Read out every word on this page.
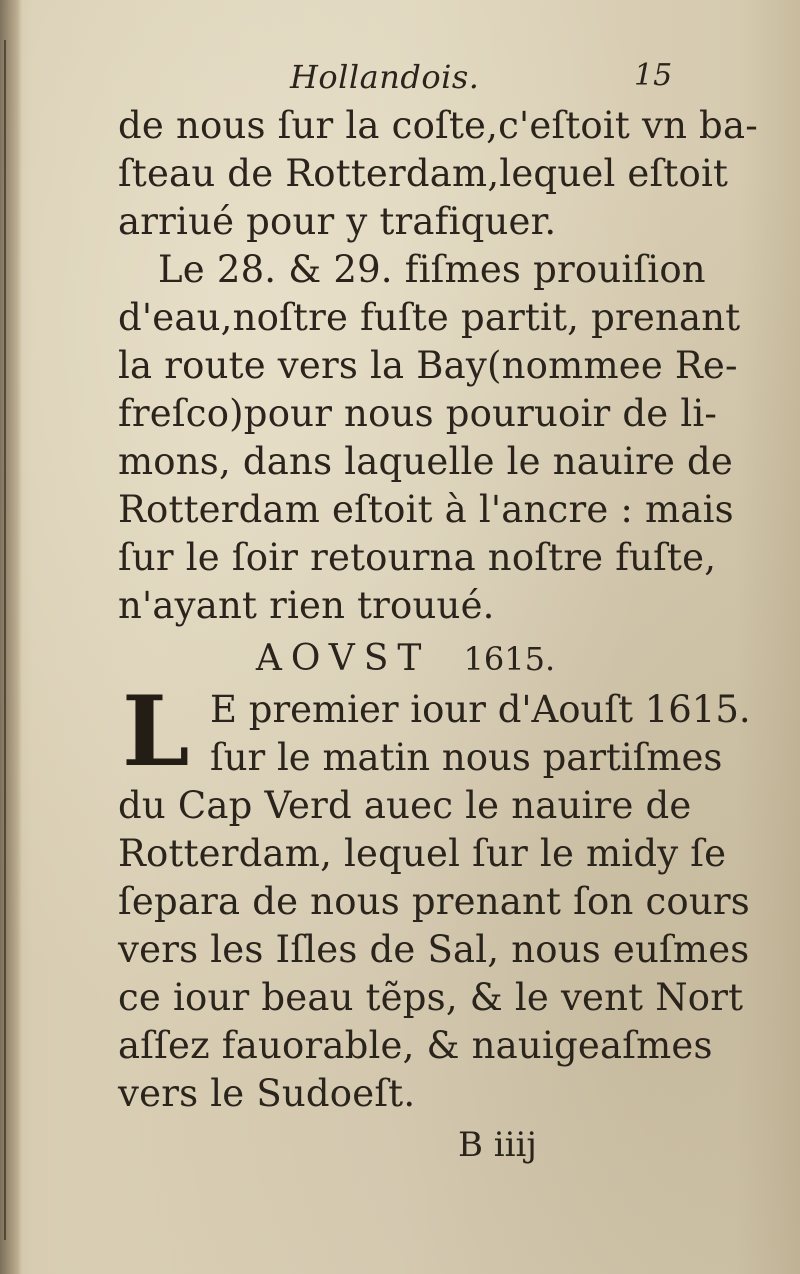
Hollandois.	15
de nous ſur la coſte,c'eſtoit vn ba-
ſteau de Rotterdam,lequel eſtoit
arriué pour y trafiquer.
Le 28. & 29. fiſmes prouiſion
d'eau,noſtre fuſte partit, prenant
la route vers la Bay(nommee Re-
freſco)pour nous pouruoir de li-
mons, dans laquelle le nauire de
Rotterdam eſtoit à l'ancre : mais
ſur le ſoir retourna noſtre fuſte,
n'ayant rien trouué.
AOVST 1615.
L E premier iour d'Aouſt 1615.
ſur le matin nous partiſmes
du Cap Verd auec le nauire de
Rotterdam, lequel ſur le midy ſe
ſepara de nous prenant ſon cours
vers les Iſles de Sal, nous euſmes
ce iour beau tẽps, & le vent Nort
aſſez fauorable, & nauigeaſmes
vers le Sudoeſt.
B iiij
